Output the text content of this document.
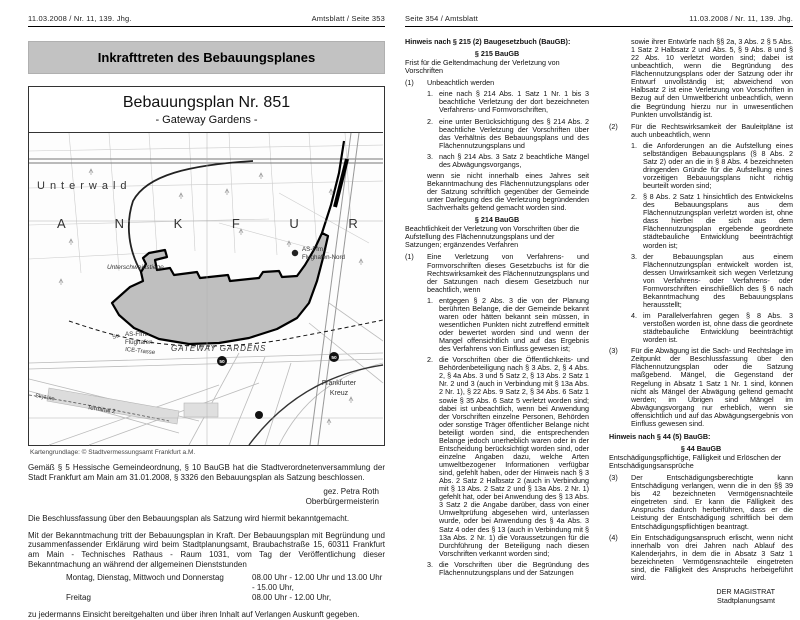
11.03.2008 / Nr. 11, 139. Jhg.	Amtsblatt / Seite 353
Inkrafttreten des Bebauungsplanes
Bebauungsplan Nr. 851
- Gateway Gardens -
50
50
Unterwald
A N K F U R
Unterschweinstiege
AS-Ffm.-
Flughafen-Nord
AS-Ffm.-
Flughafen
GATEWAY GARDENS
Str.
ICE-Trasse
SkyLine
Terminal 2
Frankfurter
Kreuz
Kartengrundlage: © Stadtvermessungsamt Frankfurt a.M.
Gemäß § 5 Hessische Gemeindeordnung, § 10 BauGB hat die Stadtverordnetenversammlung der Stadt Frankfurt am Main am 31.01.2008, § 3326 den Bebauungsplan als Satzung beschlossen.
gez. Petra Roth
Oberbürgermeisterin
Die Beschlussfassung über den Bebauungsplan als Satzung wird hiermit bekanntgemacht.
Mit der Bekanntmachung tritt der Bebauungsplan in Kraft. Der Bebauungsplan mit Begründung und zusammenfassender Erklärung wird beim Stadtplanungsamt, Braubachstraße 15, 60311 Frankfurt am Main - Technisches Rathaus - Raum 1031, vom Tag der Veröffentlichung dieser Bekanntmachung an während der allgemeinen Dienststunden
Montag, Dienstag, Mittwoch und Donnerstag	08.00 Uhr - 12.00 Uhr und 13.00 Uhr - 15.00 Uhr,
Freitag	08.00 Uhr - 12.00 Uhr,
zu jedermanns Einsicht bereitgehalten und über ihren Inhalt auf Verlangen Auskunft gegeben.
Seite 354 / Amtsblatt	11.03.2008 / Nr. 11, 139. Jhg.
Hinweis nach § 215 (2) Baugesetzbuch (BauGB):
§ 215 BauGB
Frist für die Geltendmachung der Verletzung von Vorschriften
(1)	Unbeachtlich werden
1. eine nach § 214 Abs. 1 Satz 1 Nr. 1 bis 3 beachtliche Verletzung der dort bezeichneten Verfahrens- und Formvorschriften,
2. eine unter Berücksichtigung des § 214 Abs. 2 beachtliche Verletzung der Vorschriften über das Verhältnis des Bebauungsplans und des Flächennutzungsplans und
3. nach § 214 Abs. 3 Satz 2 beachtliche Mängel des Abwägungsvorgangs,
wenn sie nicht innerhalb eines Jahres seit Bekanntmachung des Flächennutzungsplans oder der Satzung schriftlich gegenüber der Gemeinde unter Darlegung des die Verletzung begründenden Sachverhalts geltend gemacht worden sind.
§ 214 BauGB
Beachtlichkeit der Verletzung von Vorschriften über die Aufstellung des Flächennutzungsplans und der Satzungen; ergänzendes Verfahren
(1)	Eine Verletzung von Verfahrens- und Formvorschriften dieses Gesetzbuchs ist für die Rechtswirksamkeit des Flächennutzungsplans und der Satzungen nach diesem Gesetzbuch nur beachtlich, wenn
1. entgegen § 2 Abs. 3 die von der Planung berührten Belange, die der Gemeinde bekannt waren oder hätten bekannt sein müssen, in wesentlichen Punkten nicht zutreffend ermittelt oder bewertet worden sind und wenn der Mangel offensichtlich und auf das Ergebnis des Verfahrens von Einfluss gewesen ist;
2. die Vorschriften über die Öffentlichkeits- und Behördenbeteiligung nach § 3 Abs. 2, § 4 Abs. 2, § 4a Abs. 3 und 5 Satz 2, § 13 Abs. 2 Satz 1 Nr. 2 und 3 (auch in Verbindung mit § 13a Abs. 2 Nr. 1), § 22 Abs. 9 Satz 2, § 34 Abs. 6 Satz 1 sowie § 35 Abs. 6 Satz 5 verletzt worden sind; dabei ist unbeachtlich, wenn bei Anwendung der Vorschriften einzelne Personen, Behörden oder sonstige Träger öffentlicher Belange nicht beteiligt worden sind, die entsprechenden Belange jedoch unerheblich waren oder in der Entscheidung berücksichtigt worden sind, oder einzelne Angaben dazu, welche Arten umweltbezogener Informationen verfügbar sind, gefehlt haben, oder der Hinweis nach § 3 Abs. 2 Satz 2 Halbsatz 2 (auch in Verbindung mit § 13 Abs. 2 Satz 2 und § 13a Abs. 2 Nr. 1) gefehlt hat, oder bei Anwendung des § 13 Abs. 3 Satz 2 die Angabe darüber, dass von einer Umweltprüfung abgesehen wird, unterlassen wurde, oder bei Anwendung des § 4a Abs. 3 Satz 4 oder des § 13 (auch in Verbindung mit § 13a Abs. 2 Nr. 1) die Voraussetzungen für die Durchführung der Beteiligung nach diesen Vorschriften verkannt worden sind;
3. die Vorschriften über die Begründung des Flächennutzungsplans und der Satzungen
sowie ihrer Entwürfe nach §§ 2a, 3 Abs. 2 § 5 Abs. 1 Satz 2 Halbsatz 2 und Abs. 5, § 9 Abs. 8 und § 22 Abs. 10 verletzt worden sind; dabei ist unbeachtlich, wenn die Begründung des Flächennutzungsplans oder der Satzung oder ihr Entwurf unvollständig ist; abweichend von Halbsatz 2 ist eine Verletzung von Vorschriften in Bezug auf den Umweltbericht unbeachtlich, wenn die Begründung hierzu nur in unwesentlichen Punkten unvollständig ist.
(2)	Für die Rechtswirksamkeit der Bauleitpläne ist auch unbeachtlich, wenn
1. die Anforderungen an die Aufstellung eines selbständigen Bebauungsplans (§ 8 Abs. 2 Satz 2) oder an die in § 8 Abs. 4 bezeichneten dringenden Gründe für die Aufstellung eines vorzeitigen Bebauungsplans nicht richtig beurteilt worden sind;
2. § 8 Abs. 2 Satz 1 hinsichtlich des Entwickelns des Bebauungsplans aus dem Flächennutzungsplan verletzt worden ist, ohne dass hierbei die sich aus dem Flächennutzungsplan ergebende geordnete städtebauliche Entwicklung beeinträchtigt worden ist;
3. der Bebauungsplan aus einem Flächennutzungsplan entwickelt worden ist, dessen Unwirksamkeit sich wegen Verletzung von Verfahrens- oder Verfahrens- oder Formvorschriften einschließlich des § 6 nach Bekanntmachung des Bebauungsplans herausstellt;
4. im Parallelverfahren gegen § 8 Abs. 3 verstoßen worden ist, ohne dass die geordnete städtebauliche Entwicklung beeinträchtigt worden ist.
(3)	Für die Abwägung ist die Sach- und Rechtslage im Zeitpunkt der Beschlussfassung über den Flächennutzungsplan oder die Satzung maßgebend. Mängel, die Gegenstand der Regelung in Absatz 1 Satz 1 Nr. 1 sind, können nicht als Mängel der Abwägung geltend gemacht werden; im Übrigen sind Mängel im Abwägungsvorgang nur erheblich, wenn sie offensichtlich und auf das Abwägungsergebnis von Einfluss gewesen sind.
Hinweis nach § 44 (5) BauGB:
§ 44 BauGB
Entschädigungspflichtige, Fälligkeit und Erlöschen der Entschädigungsansprüche
(3)	Der Entschädigungsberechtigte kann Entschädigung verlangen, wenn die in den §§ 39 bis 42 bezeichneten Vermögensnachteile eingetreten sind. Er kann die Fälligkeit des Anspruchs dadurch herbeiführen, dass er die Leistung der Entschädigung schriftlich bei dem Entschädigungspflichtigen beantragt.
(4)	Ein Entschädigungsanspruch erlischt, wenn nicht innerhalb von drei Jahren nach Ablauf des Kalenderjahrs, in dem die in Absatz 3 Satz 1 bezeichneten Vermögensnachteile eingetreten sind, die Fälligkeit des Anspruchs herbeigeführt wird.
DER MAGISTRAT
Stadtplanungsamt
